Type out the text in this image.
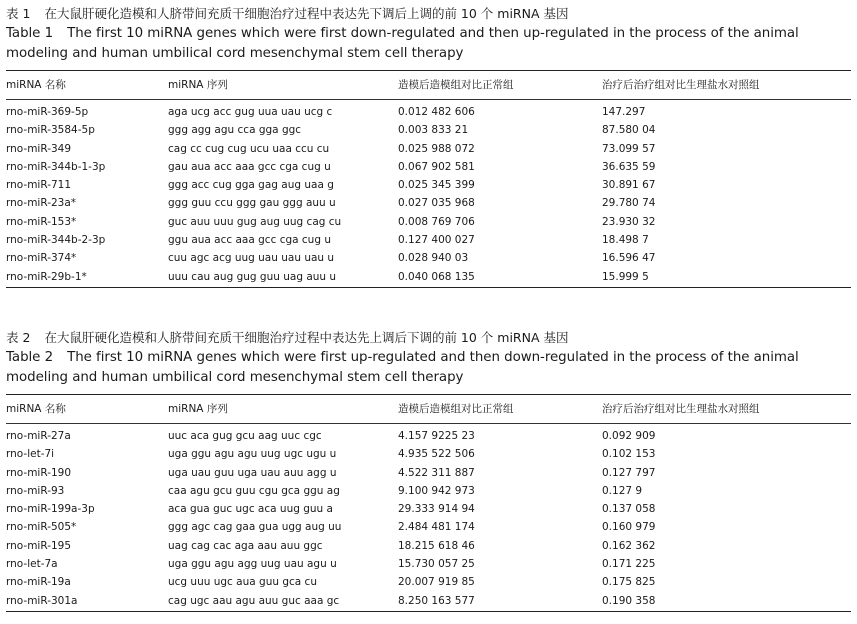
表 1 在大鼠肝硬化造模和人脐带间充质干细胞治疗过程中表达先下调后上调的前 10 个 miRNA 基因
Table 1 The first 10 miRNA genes which were first down-regulated and then up-regulated in the process of the animal modeling and human umbilical cord mesenchymal stem cell therapy
miRNA 名称	miRNA 序列	造模后造模组对比正常组	治疗后治疗组对比生理盐水对照组
rno-miR-369-5p	aga ucg acc gug uua uau ucg c	0.012 482 606	147.297
rno-miR-3584-5p	ggg agg agu cca gga ggc	0.003 833 21	87.580 04
rno-miR-349	cag cc cug cug ucu uaa ccu cu	0.025 988 072	73.099 57
rno-miR-344b-1-3p	gau aua acc aaa gcc cga cug u	0.067 902 581	36.635 59
rno-miR-711	ggg acc cug gga gag aug uaa g	0.025 345 399	30.891 67
rno-miR-23a*	ggg guu ccu ggg gau ggg auu u	0.027 035 968	29.780 74
rno-miR-153*	guc auu uuu gug aug uug cag cu	0.008 769 706	23.930 32
rno-miR-344b-2-3p	ggu aua acc aaa gcc cga cug u	0.127 400 027	18.498 7
rno-miR-374*	cuu agc acg uug uau uau uau u	0.028 940 03	16.596 47
rno-miR-29b-1*	uuu cau aug gug guu uag auu u	0.040 068 135	15.999 5
表 2 在大鼠肝硬化造模和人脐带间充质干细胞治疗过程中表达先上调后下调的前 10 个 miRNA 基因
Table 2 The first 10 miRNA genes which were first up-regulated and then down-regulated in the process of the animal modeling and human umbilical cord mesenchymal stem cell therapy
miRNA 名称	miRNA 序列	造模后造模组对比正常组	治疗后治疗组对比生理盐水对照组
rno-miR-27a	uuc aca gug gcu aag uuc cgc	4.157 9225 23	0.092 909
rno-let-7i	uga ggu agu agu uug ugc ugu u	4.935 522 506	0.102 153
rno-miR-190	uga uau guu uga uau auu agg u	4.522 311 887	0.127 797
rno-miR-93	caa agu gcu guu cgu gca ggu ag	9.100 942 973	0.127 9
rno-miR-199a-3p	aca gua guc ugc aca uug guu a	29.333 914 94	0.137 058
rno-miR-505*	ggg agc cag gaa gua ugg aug uu	2.484 481 174	0.160 979
rno-miR-195	uag cag cac aga aau auu ggc	18.215 618 46	0.162 362
rno-let-7a	uga ggu agu agg uug uau agu u	15.730 057 25	0.171 225
rno-miR-19a	ucg uuu ugc aua guu gca cu	20.007 919 85	0.175 825
rno-miR-301a	cag ugc aau agu auu guc aaa gc	8.250 163 577	0.190 358
